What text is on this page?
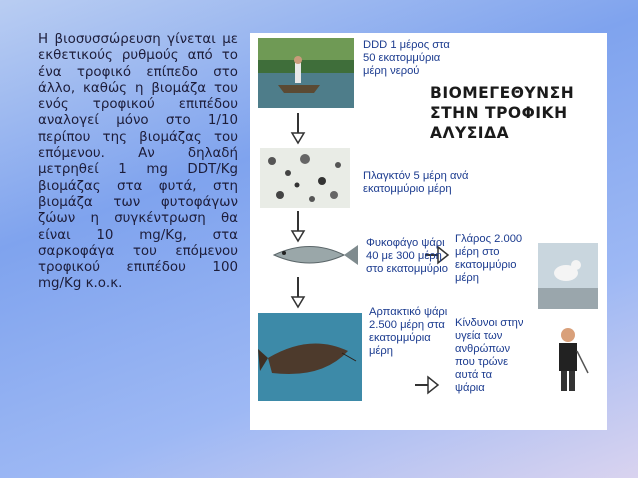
Η βιοσυσσώρευση γίνεται με εκθετικούς ρυθμούς από το ένα τροφικό επίπεδο στο άλλο, καθώς η βιομάζα του ενός τροφικού επιπέδου αναλογεί μόνο στο 1/10 περίπου της βιομάζας του επόμενου. Αν δηλαδή μετρηθεί 1 mg DDT/Kg βιομάζας στα φυτά, στη βιομάζα των φυτοφάγων ζώων η συγκέντρωση θα είναι 10 mg/Kg, στα σαρκοφάγα του επόμενου τροφικού επιπέδου 100 mg/Kg κ.ο.κ.
DDD 1 μέρος στα
50 εκατομμύρια
μέρη νερού
ΒΙΟΜΕΓΕΘΥΝΣΗ
ΣΤΗΝ ΤΡΟΦΙΚΗ
ΑΛΥΣΙΔΑ
Πλαγκτόν 5 μέρη ανά
εκατομμύριο μέρη
Φυκοφάγο ψάρι
40 με 300 μέρη
στο εκατομμύριο
Γλάρος 2.000
μέρη στο
εκατομμύριο
μέρη
Αρπακτικό ψάρι
2.500 μέρη στα
εκατομμύρια
μέρη
Κίνδυνοι στην
υγεία των
ανθρώπων
που τρώνε
αυτά τα
ψάρια
